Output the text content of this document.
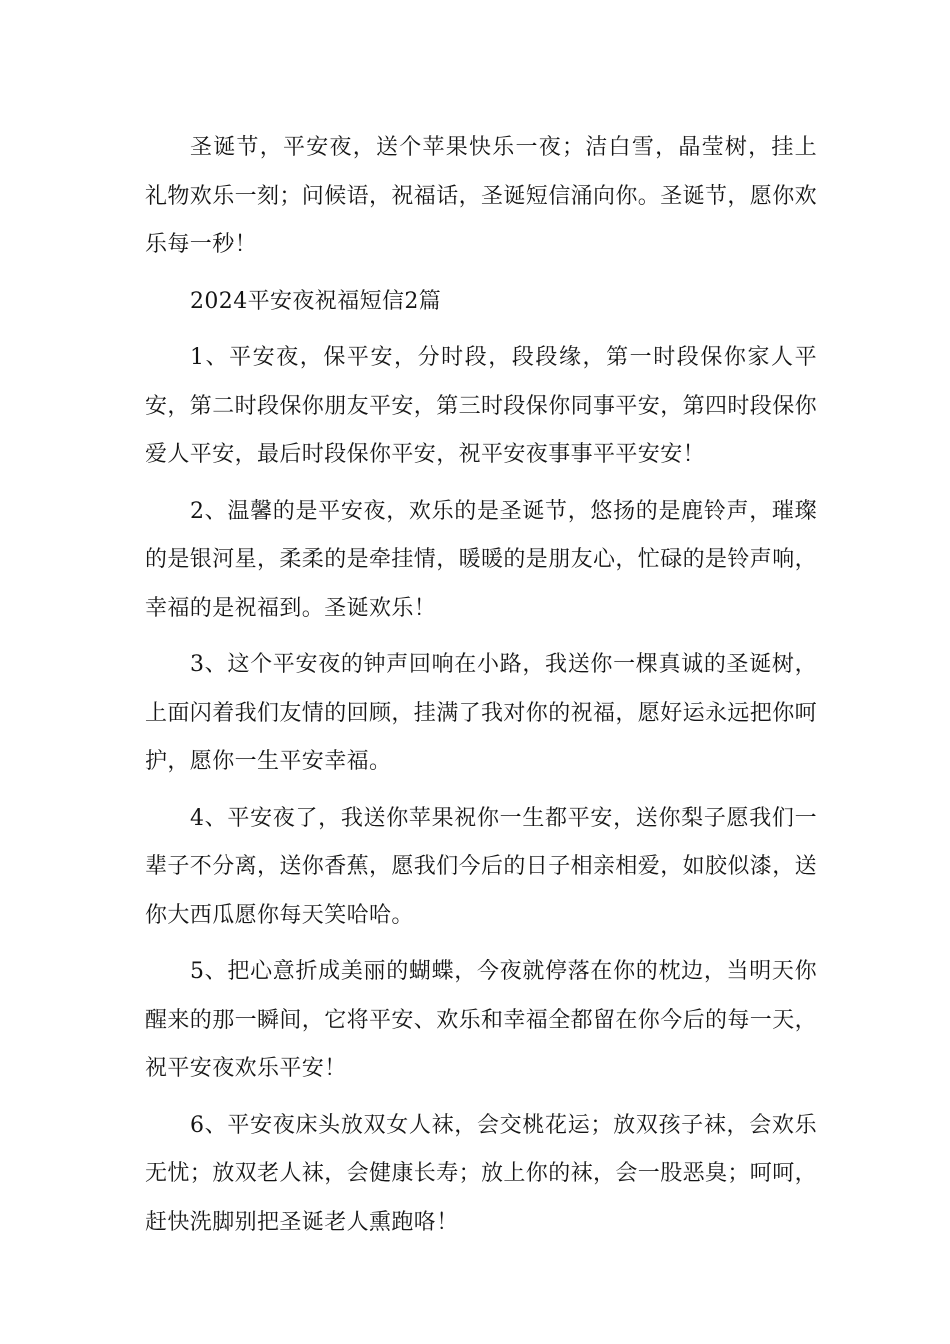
圣诞节，平安夜，送个苹果快乐一夜；洁白雪，晶莹树，挂上礼物欢乐一刻；问候语，祝福话，圣诞短信涌向你。圣诞节，愿你欢乐每一秒！

2024平安夜祝福短信2篇

1、平安夜，保平安，分时段，段段缘，第一时段保你家人平安，第二时段保你朋友平安，第三时段保你同事平安，第四时段保你爱人平安，最后时段保你平安，祝平安夜事事平平安安！

2、温馨的是平安夜，欢乐的是圣诞节，悠扬的是鹿铃声，璀璨的是银河星，柔柔的是牵挂情，暖暖的是朋友心，忙碌的是铃声响，幸福的是祝福到。圣诞欢乐！

3、这个平安夜的钟声回响在小路，我送你一棵真诚的圣诞树，上面闪着我们友情的回顾，挂满了我对你的祝福，愿好运永远把你呵护，愿你一生平安幸福。

4、平安夜了，我送你苹果祝你一生都平安，送你梨子愿我们一辈子不分离，送你香蕉，愿我们今后的日子相亲相爱，如胶似漆，送你大西瓜愿你每天笑哈哈。

5、把心意折成美丽的蝴蝶，今夜就停落在你的枕边，当明天你醒来的那一瞬间，它将平安、欢乐和幸福全都留在你今后的每一天，祝平安夜欢乐平安！

6、平安夜床头放双女人袜，会交桃花运；放双孩子袜，会欢乐无忧；放双老人袜，会健康长寿；放上你的袜，会一股恶臭；呵呵，赶快洗脚别把圣诞老人熏跑咯！
